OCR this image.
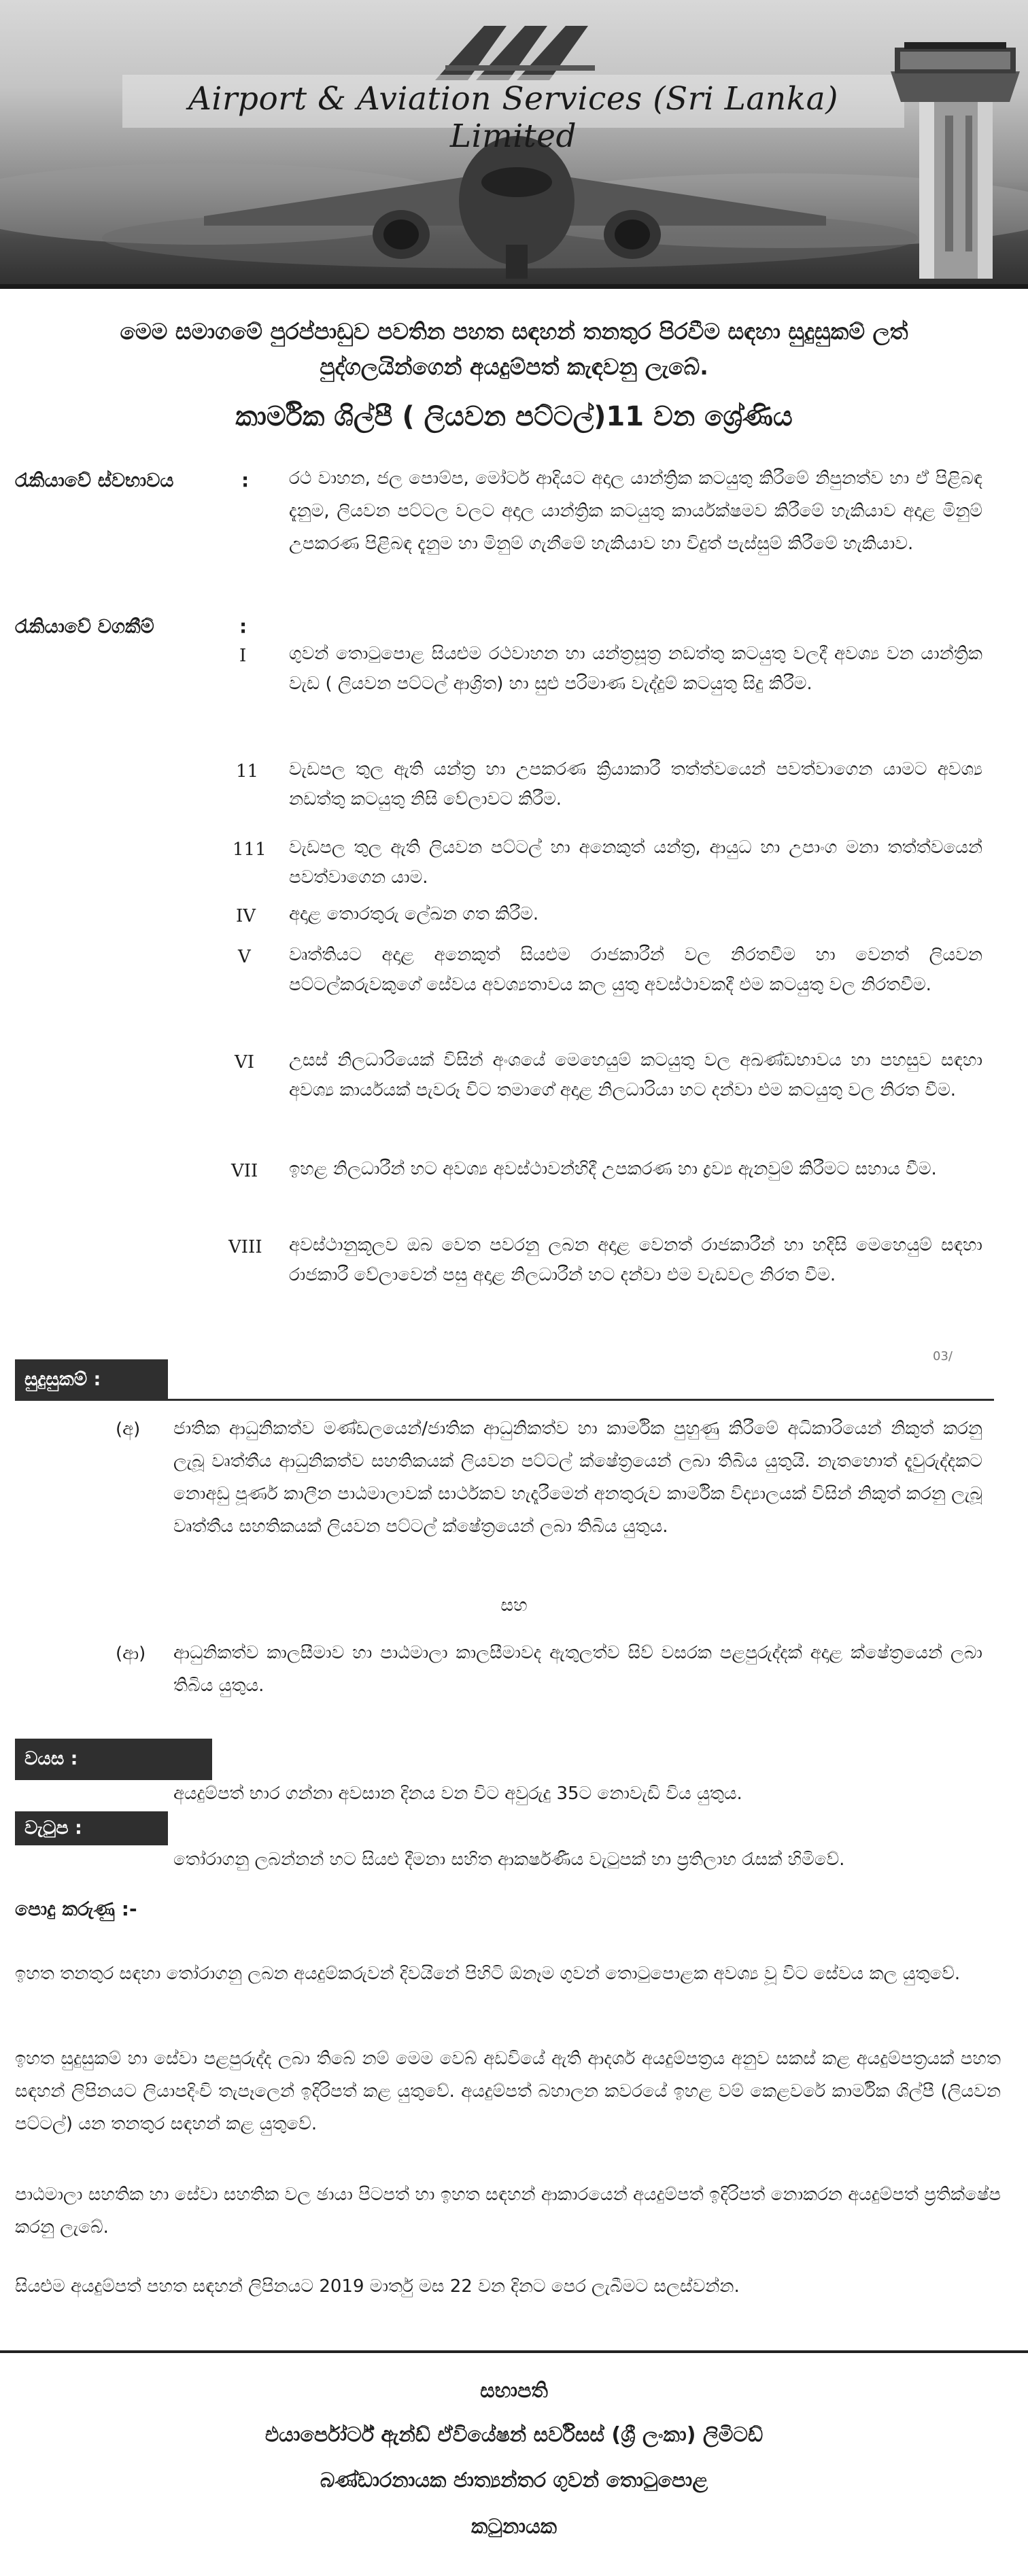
Airport & Aviation Services (Sri Lanka) Limited
මෙම සමාගමේ පුරප්පාඩුව පවතින පහත සඳහන් තනතුර පිරවීම සඳහා සුදුසුකම් ලත්
පුද්ගලයින්ගෙන් අයදුම්පත් කැඳවනු ලැබේ.
කාර්මික ශිල්පී ( ලියවන පට්ටල්)11 වන ශ්‍රේණිය
රැකියාවේ ස්වභාවය	: රථ වාහන, ජල පොම්ප, මෝටර් ආදියට අදාල යාන්ත්‍රික කටයුතු කිරීමේ නිපුනත්ව හා ඒ පිළිබඳ දැනුම, ලියවන පට්ටල වලට අදාල යාන්ත්‍රික කටයුතු කාර්යක්ෂමව කිරීමේ හැකියාව අදාළ මිනුම් උපකරණ පිළිබඳ දැනුම හා මිනුම් ගැනීමේ හැකියාව හා විදුත් පැස්සුම් කිරීමේ හැකියාව.
රැකියාවේ වගකීම්	:
I ගුවන් තොටුපොළ සියළුම රථවාහන හා යන්ත්‍රසූත්‍ර නඩත්තු කටයුතු වලදී අවශ්‍ය වන යාන්ත්‍රික වැඩ ( ලියවන පට්ටල් ආශ්‍රිත) හා සුළු පරිමාණ වැද්දුම් කටයුතු සිදු කිරීම.
11 වැඩපල තුල ඇති යන්ත්‍ර හා උපකරණ ක්‍රියාකාරී තත්ත්වයෙන් පවත්වාගෙන යාමට අවශ්‍ය නඩත්තු කටයුතු නිසි වේලාවට කිරීම.
111 වැඩපල තුල ඇති ලියවන පට්ටල් හා අනෙකුත් යන්ත්‍ර, ආයුධ හා උපාංග මනා තත්ත්වයෙන් පවත්වාගෙන යාම.
IV අදාළ තොරතුරු ලේඛන ගත කිරීම.
V වෘත්තියට අදාළ අනෙකුත් සියළුම රාජකාරීන් වල නිරතවීම හා වෙනත් ලියවන පට්ටල්කරුවකුගේ සේවය අවශ්‍යතාවය කල යුතු අවස්ථාවකදී එම කටයුතු වල නිරතවීම.
VI උසස් නිලධාරියෙක් විසින් අංශයේ මෙහෙයුම් කටයුතු වල අඛණ්ඩභාවය හා පහසුව සඳහා අවශ්‍ය කාර්යයක් පැවරූ විට තමාගේ අදාළ නිලධාරියා හට දන්වා එම කටයුතු වල නිරත වීම.
VII ඉහළ නිලධාරීන් හට අවශ්‍ය අවස්ථාවන්හිදී උපකරණ හා ද්‍රව්‍ය ඇනවුම් කිරීමට සහාය වීම.
VIII අවස්ථානුකූලව ඔබ වෙත පවරනු ලබන අදාළ වෙනත් රාජකාරීන් හා හදිසි මෙහෙයුම් සඳහා රාජකාරී වේලාවෙන් පසු අදාළ නිලධාරීන් හට දන්වා එම වැඩවල නිරත වීම.
03/
සුදුසුකම් :
(අ) ජාතික ආධුනිකත්ව මණ්ඩලයෙන්/ජාතික ආධුනිකත්ව හා කාර්මික පුහුණු කිරීමේ අධිකාරියෙන් නිකුත් කරනු ලැබූ වෘත්තීය ආධුනිකත්ව සහතිකයක් ලියවන පට්ටල් ක්ෂේත්‍රයෙන් ලබා තිබිය යුතුයි. නැතහොත් දෑවුරුද්දකට නොඅඩු පූර්ණ කාලීන පාඨමාලාවක් සාර්ථකව හැදෑරීමෙන් අනතුරුව කාර්මික විද්‍යාලයක් විසින් නිකුත් කරනු ලැබූ වෘත්තීය සහතිකයක් ලියවන පට්ටල් ක්ෂේත්‍රයෙන් ලබා තිබිය යුතුය.
සහ
(ආ) ආධුනිකත්ව කාලසීමාව හා පාඨමාලා කාලසීමාවද ඇතුලත්ව සිව් වසරක පළපුරුද්දක් අදාළ ක්ෂේත්‍රයෙන් ලබා තිබිය යුතුය.
වයස :
අයදුම්පත් භාර ගන්නා අවසාන දිනය වන විට අවුරුදු 35ට නොවැඩි විය යුතුය.
වැටුප :
තෝරාගනු ලබන්නන් හට සියළු දීමනා සහිත ආකර්ෂණීය වැටුපක් හා ප්‍රතිලාභ රැසක් හිමිවේ.
පොදු කරුණු :-
ඉහත තනතුර සඳහා තෝරාගනු ලබන අයදුම්කරුවන් දිවයිනේ පිහිටි ඕනෑම ගුවන් තොටුපොළක අවශ්‍ය වූ විට සේවය කල යුතුවේ.
ඉහත සුදුසුකම් හා සේවා පළපුරුද්ද ලබා තිබේ නම් මෙම වෙබ් අඩවියේ ඇති ආදර්ශ අයදුම්පත්‍රය අනුව සකස් කළ අයදුම්පත්‍රයක් පහත සඳහන් ලිපිනයට ලියාපදිංචි තැපෑලෙන් ඉදිරිපත් කළ යුතුවේ. අයදුම්පත් බහාලන කවරයේ ඉහළ වම් කෙළවරේ කාර්මික ශිල්පී (ලියවන පට්ටල්) යන තනතුර සඳහන් කළ යුතුවේ.
පාඨමාලා සහතික හා සේවා සහතික වල ඡායා පිටපත් හා ඉහත සඳහන් ආකාරයෙන් අයදුම්පත් ඉදිරිපත් නොකරන අයදුම්පත් ප්‍රතික්ෂේප කරනු ලැබේ.
සියළුම අයදුම්පත් පහත සඳහන් ලිපිනයට 2019 මාර්තු මස 22 වන දිනට පෙර ලැබීමට සලස්වන්න.
සභාපති
එයාර්පෝර්ට් ඇන්ඩ් ඒවියේෂන් සර්විසස් (ශ්‍රී ලංකා) ලිමිටඩ්
බණ්ඩාරනායක ජාත්‍යන්තර ගුවන් තොටුපොළ
කටුනායක
